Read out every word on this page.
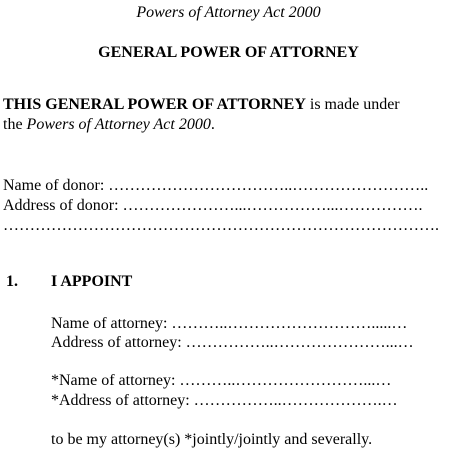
Powers of Attorney Act 2000
GENERAL POWER OF ATTORNEY
THIS GENERAL POWER OF ATTORNEY is made under
the Powers of Attorney Act 2000.
Name of donor: ……………………………..……………………..
Address of donor: …………………...……………...…………….
……………………………………………………………………….
1. I APPOINT
Name of attorney: ………..……………………….....…
Address of attorney: ……………..…………………...…
*Name of attorney: ………..……………………...…
*Address of attorney: ……………..……………….…
to be my attorney(s) *jointly/jointly and severally.
